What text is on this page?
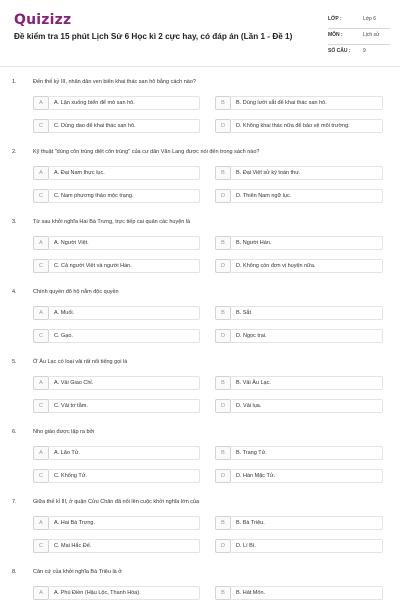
Quizizz
Đề kiểm tra 15 phút Lịch Sử 6 Học kì 2 cực hay, có đáp án (Lần 1 - Đề 1)
LỚP :	Lớp 6
MÔN :	Lịch sử
SỐ CÂU :	9
1.	Đến thế kỷ III, nhân dân ven biển khai thác san hô bằng cách nào?
A	A. Lặn xuống biển để mò san hô.	B	B. Dùng lưới sắt để khai thác san hô.
C	C. Dùng dao để khai thác san hô.	D	D. Không khai thác nữa để bảo vệ môi trường.
2.	Kỹ thuật "dùng côn trùng diệt côn trùng" của cư dân Văn Lang được nói đến trong sách nào?
A	A. Đại Nam thực lục.	B	B. Đại Việt sử ký toàn thư.
C	C. Nam phương thảo mộc trạng.	D	D. Thiên Nam ngữ lục.
3.	Từ sau khởi nghĩa Hai Bà Trưng, trực tiếp cai quản các huyện là
A	A. Người Việt.	B	B. Người Hán.
C	C. Cả người Việt và người Hán.	D	D. Không còn đơn vị huyện nữa.
4.	Chính quyền đô hộ nắm độc quyền
A	A. Muối.	B	B. Sắt
C	C. Gạo.	D	D. Ngọc trai.
5.	Ở Âu Lạc có loại vải rất nổi tiếng gọi là
A	A. Vải Giao Chỉ.	B	B. Vải Âu Lạc.
C	C. Vải tơ tằm.	D	D. Vải lụa.
6.	Nho giáo được lập ra bởi
A	A. Lão Tử.	B	B. Trang Tử.
C	C. Khổng Tử.	D	D. Hàn Mặc Tử.
7.	Giữa thế kỉ III, ở quận Cửu Chân đã nổi lên cuộc khởi nghĩa lớn của
A	A. Hai Bà Trưng.	B	B. Bà Triệu.
C	C. Mai Hắc Đế.	D	D. Lí Bí.
8.	Căn cứ của khởi nghĩa Bà Triệu là ở
A	A. Phú Điền (Hậu Lộc, Thanh Hóa).	B	B. Hát Môn.
